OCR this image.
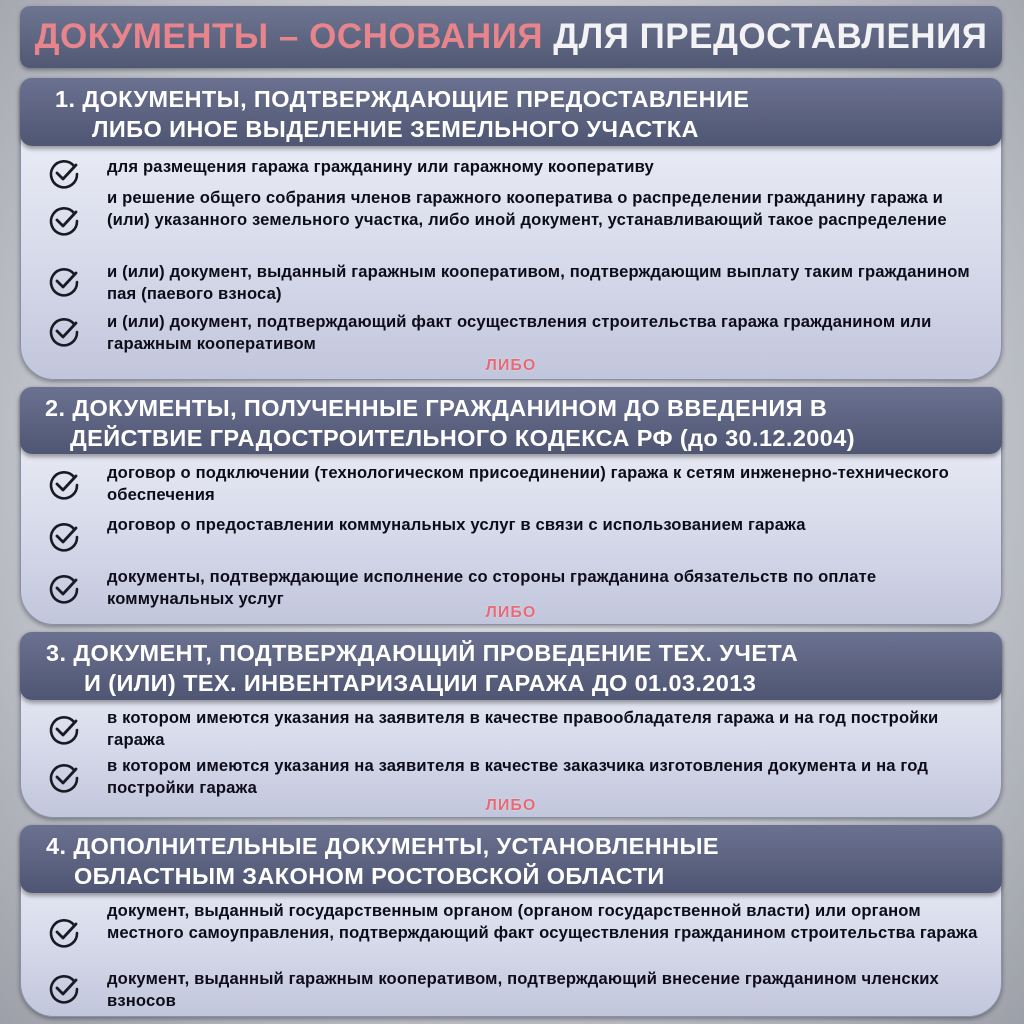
ДОКУМЕНТЫ – ОСНОВАНИЯ
ДЛЯ ПРЕДОСТАВЛЕНИЯ
1. ДОКУМЕНТЫ, ПОДТВЕРЖДАЮЩИЕ ПРЕДОСТАВЛЕНИЕ
ЛИБО ИНОЕ ВЫДЕЛЕНИЕ ЗЕМЕЛЬНОГО УЧАСТКА
для размещения гаража гражданину или гаражному кооперативу
и решение общего собрания членов гаражного кооператива о распределении гражданину гаража и (или) указанного земельного участка, либо иной документ, устанавливающий такое распределение
и (или) документ, выданный гаражным кооперативом, подтверждающим выплату таким гражданином пая (паевого взноса)
и (или) документ, подтверждающий факт осуществления строительства гаража гражданином или гаражным кооперативом
ЛИБО
2. ДОКУМЕНТЫ, ПОЛУЧЕННЫЕ ГРАЖДАНИНОМ ДО ВВЕДЕНИЯ В
ДЕЙСТВИЕ ГРАДОСТРОИТЕЛЬНОГО КОДЕКСА РФ (до 30.12.2004)
договор о подключении (технологическом присоединении) гаража к сетям инженерно-технического обеспечения
договор о предоставлении коммунальных услуг в связи с использованием гаража
документы, подтверждающие исполнение со стороны гражданина обязательств по оплате коммунальных услуг
ЛИБО
3. ДОКУМЕНТ, ПОДТВЕРЖДАЮЩИЙ ПРОВЕДЕНИЕ ТЕХ. УЧЕТА
И (ИЛИ) ТЕХ. ИНВЕНТАРИЗАЦИИ ГАРАЖА ДО 01.03.2013
в котором имеются указания на заявителя в качестве правообладателя гаража и на год постройки гаража
в котором имеются указания на заявителя в качестве заказчика изготовления документа и на год постройки гаража
ЛИБО
4. ДОПОЛНИТЕЛЬНЫЕ ДОКУМЕНТЫ, УСТАНОВЛЕННЫЕ
ОБЛАСТНЫМ ЗАКОНОМ РОСТОВСКОЙ ОБЛАСТИ
документ, выданный государственным органом (органом государственной власти) или органом местного самоуправления, подтверждающий факт осуществления гражданином строительства гаража
документ, выданный гаражным кооперативом, подтверждающий внесение гражданином членских взносов
